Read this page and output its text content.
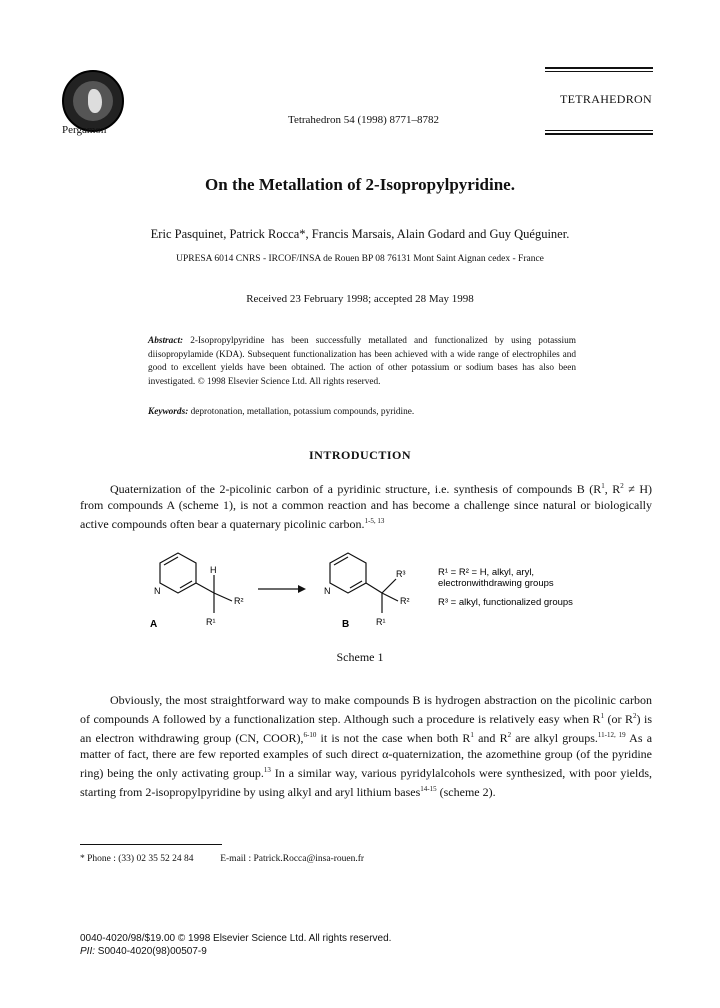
Pergamon
TETRAHEDRON
Tetrahedron 54 (1998) 8771–8782
On the Metallation of 2-Isopropylpyridine.
Eric Pasquinet, Patrick Rocca*, Francis Marsais, Alain Godard and Guy Quéguiner.
UPRESA 6014 CNRS - IRCOF/INSA de Rouen BP 08 76131 Mont Saint Aignan cedex - France
Received 23 February 1998; accepted 28 May 1998
Abstract: 2-Isopropylpyridine has been successfully metallated and functionalized by using potassium diisopropylamide (KDA). Subsequent functionalization has been achieved with a wide range of electrophiles and good to excellent yields have been obtained. The action of other potassium or sodium bases has also been investigated. © 1998 Elsevier Science Ltd. All rights reserved.
Keywords: deprotonation, metallation, potassium compounds, pyridine.
INTRODUCTION
Quaternization of the 2-picolinic carbon of a pyridinic structure, i.e. synthesis of compounds B ($R^1$, $R^2 \ne H$) from compounds A (scheme 1), is not a common reaction and has become a challenge since natural or biologically active compounds often bear a quaternary picolinic carbon.$^{1-5, 13}$
N
H
R²
R¹
A
N
R³
R²
R¹
B
R¹ = R² = H, alkyl, aryl,
electronwithdrawing groups
R³ = alkyl, functionalized groups
Scheme 1
Obviously, the most straightforward way to make compounds B is hydrogen abstraction on the picolinic carbon of compounds A followed by a functionalization step. Although such a procedure is relatively easy when $R^1$ (or $R^2$) is an electron withdrawing group (CN, COOR),$^{6-10}$ it is not the case when both $R^1$ and $R^2$ are alkyl groups.$^{11-12, 19}$ As a matter of fact, there are few reported examples of such direct α-quaternization, the azomethine group (of the pyridine ring) being the only activating group.$^{13}$ In a similar way, various pyridylalcohols were synthesized, with poor yields, starting from 2-isopropylpyridine by using alkyl and aryl lithium bases$^{14-15}$ (scheme 2).
* Phone : (33) 02 35 52 24 84	E-mail : Patrick.Rocca@insa-rouen.fr
0040-4020/98/$19.00 © 1998 Elsevier Science Ltd. All rights reserved.
PII: S0040-4020(98)00507-9
